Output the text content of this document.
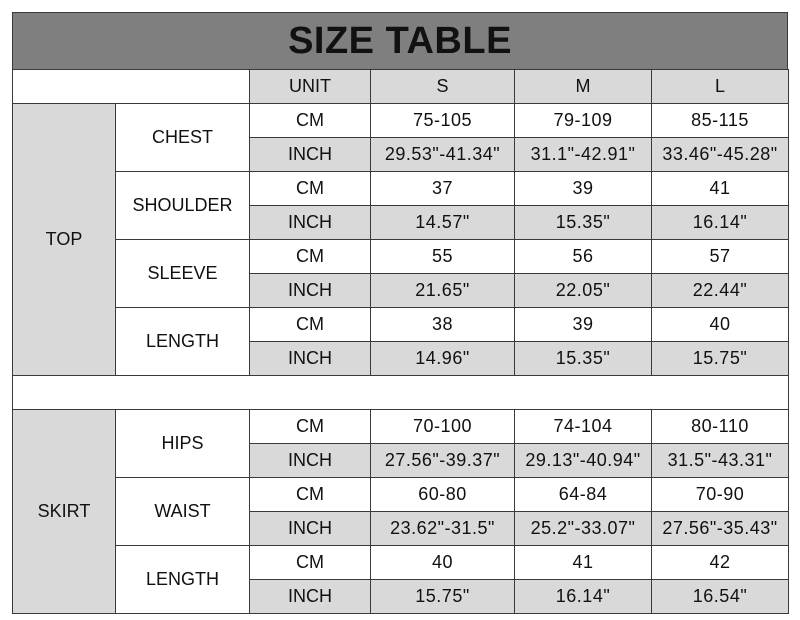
SIZE TABLE
		UNIT	S	M	L
TOP	CHEST	CM	75-105	79-109	85-115
		INCH	29.53"-41.34"	31.1"-42.91"	33.46"-45.28"
	SHOULDER	CM	37	39	41
		INCH	14.57"	15.35"	16.14"
	SLEEVE	CM	55	56	57
		INCH	21.65"	22.05"	22.44"
	LENGTH	CM	38	39	40
		INCH	14.96"	15.35"	15.75"

SKIRT	HIPS	CM	70-100	74-104	80-110
		INCH	27.56"-39.37"	29.13"-40.94"	31.5"-43.31"
	WAIST	CM	60-80	64-84	70-90
		INCH	23.62"-31.5"	25.2"-33.07"	27.56"-35.43"
	LENGTH	CM	40	41	42
		INCH	15.75"	16.14"	16.54"
